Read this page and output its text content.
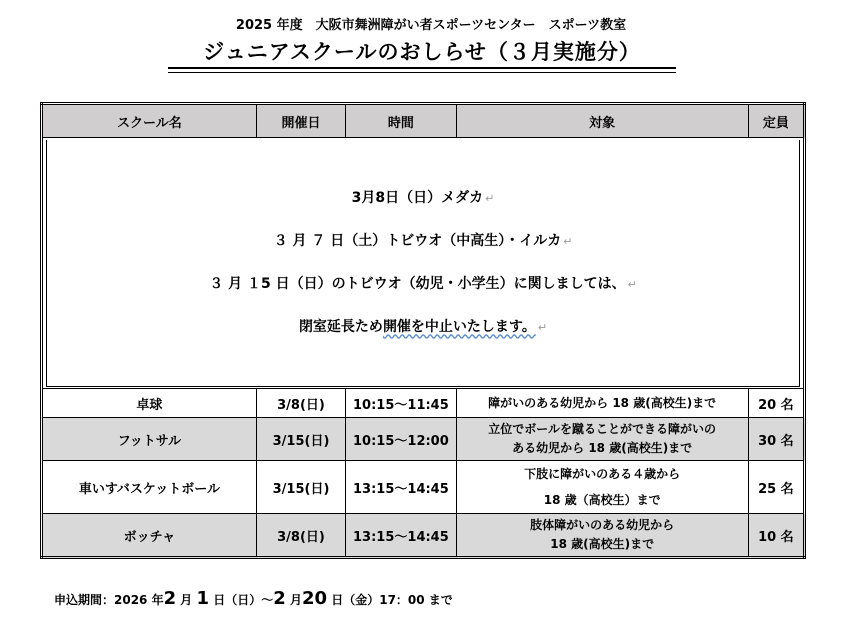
2025 年度　大阪市舞洲障がい者スポーツセンター　スポーツ教室
ジュニアスクールのおしらせ（３月実施分）
スクール名	開催日	時間	対象	定員

3月8日（日）メダカ ↵
３ 月 ７ 日（土）トビウオ（中高生）・イルカ ↵
３ 月 １5 日（日）のトビウオ（幼児・小学生）に関しましては、 ↵
閉室延長ため開催を中止いたします。 ↵				

卓球	3/8(日)	10:15～11:45	障がいのある幼児から 18 歳(高校生)まで	20 名
フットサル	3/15(日)	10:15～12:00	立位でボールを蹴ることができる障がいの
ある幼児から 18 歳(高校生)まで	30 名
車いすバスケットボール	3/15(日)	13:15～14:45	下肢に障がいのある４歳から
18 歳（高校生）まで	25 名
ボッチャ	3/8(日)	13:15～14:45	肢体障がいのある幼児から
18 歳(高校生)まで	10 名
申込期間：2026 年2 月 1 日（日）～2 月20 日（金）17：00 まで
